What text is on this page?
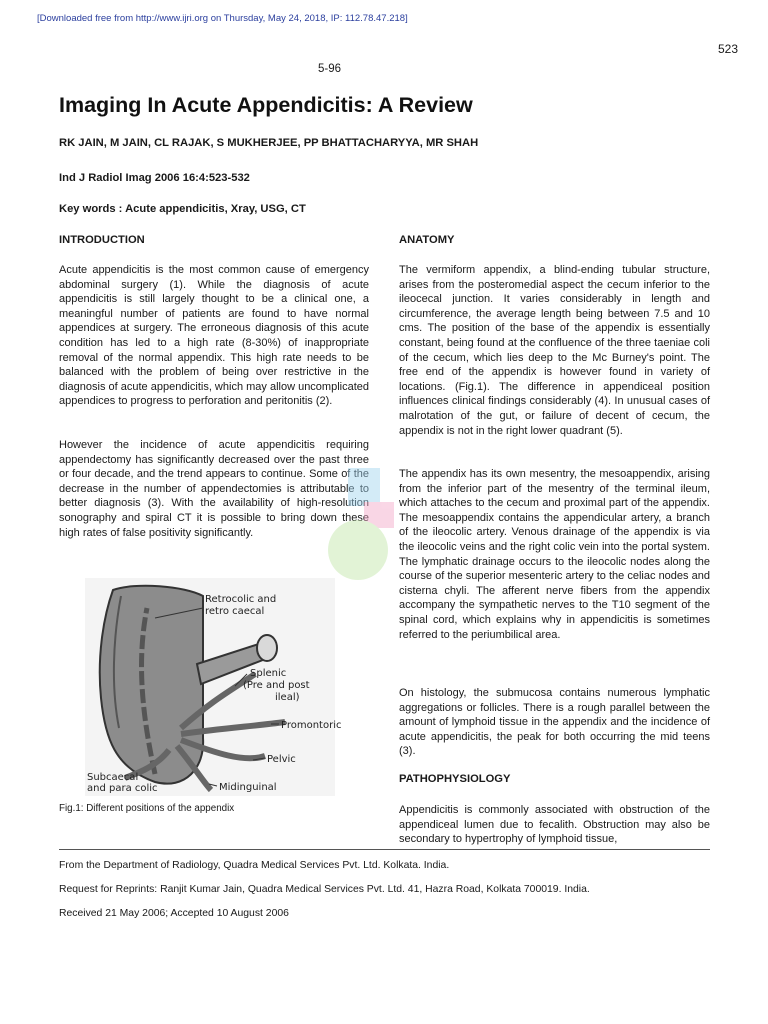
[Downloaded free from http://www.ijri.org on Thursday, May 24, 2018, IP: 112.78.47.218]
523
5-96
Imaging In Acute Appendicitis: A Review
RK JAIN, M JAIN, CL RAJAK, S MUKHERJEE, PP BHATTACHARYYA, MR SHAH
Ind J Radiol Imag 2006 16:4:523-532
Key words : Acute appendicitis, Xray, USG, CT
INTRODUCTION

Acute appendicitis is the most common cause of emergency abdominal surgery (1). While the diagnosis of acute appendicitis is still largely thought to be a clinical one, a meaningful number of patients are found to have normal appendices at surgery. The erroneous diagnosis of this acute condition has led to a high rate (8-30%) of inappropriate removal of the normal appendix. This high rate needs to be balanced with the problem of being over restrictive in the diagnosis of acute appendicitis, which may allow uncomplicated appendices to progress to perforation and peritonitis (2).

However the incidence of acute appendicitis requiring appendectomy has significantly decreased over the past three or four decade, and the trend appears to continue. Some of the decrease in the number of appendectomies is attributable to better diagnosis (3). With the availability of high-resolution sonography and spiral CT it is possible to bring down these high rates of false positivity significantly.

Retrocolic and
retro caecal
Splenic
(Pre and post
ileal)
Promontoric
Pelvic
Subcaecal
and para colic	Midinguinal
Fig.1: Different positions of the appendix
ANATOMY

The vermiform appendix, a blind-ending tubular structure, arises from the posteromedial aspect the cecum inferior to the ileocecal junction. It varies considerably in length and circumference, the average length being between 7.5 and 10 cms. The position of the base of the appendix is essentially constant, being found at the confluence of the three taeniae coli of the cecum, which lies deep to the Mc Burney's point. The free end of the appendix is however found in variety of locations. (Fig.1). The difference in appendiceal position influences clinical findings considerably (4). In unusual cases of malrotation of the gut, or failure of decent of cecum, the appendix is not in the right lower quadrant (5).

The appendix has its own mesentry, the mesoappendix, arising from the inferior part of the mesentry of the terminal ileum, which attaches to the cecum and proximal part of the appendix. The mesoappendix contains the appendicular artery, a branch of the ileocolic artery. Venous drainage of the appendix is via the ileocolic veins and the right colic vein into the portal system. The lymphatic drainage occurs to the ileocolic nodes along the course of the superior mesenteric artery to the celiac nodes and cisterna chyli. The afferent nerve fibers from the appendix accompany the sympathetic nerves to the T10 segment of the spinal cord, which explains why in appendicitis is sometimes referred to the periumbilical area.

On histology, the submucosa contains numerous lymphatic aggregations or follicles. There is a rough parallel between the amount of lymphoid tissue in the appendix and the incidence of acute appendicitis, the peak for both occurring the mid teens (3).

PATHOPHYSIOLOGY

Appendicitis is commonly associated with obstruction of the appendiceal lumen due to fecalith. Obstruction may also be secondary to hypertrophy of lymphoid tissue,

From the Department of Radiology, Quadra Medical Services Pvt. Ltd. Kolkata. India.
Request for Reprints: Ranjit Kumar Jain, Quadra Medical Services Pvt. Ltd. 41, Hazra Road, Kolkata 700019. India.
Received 21 May 2006; Accepted 10 August 2006
